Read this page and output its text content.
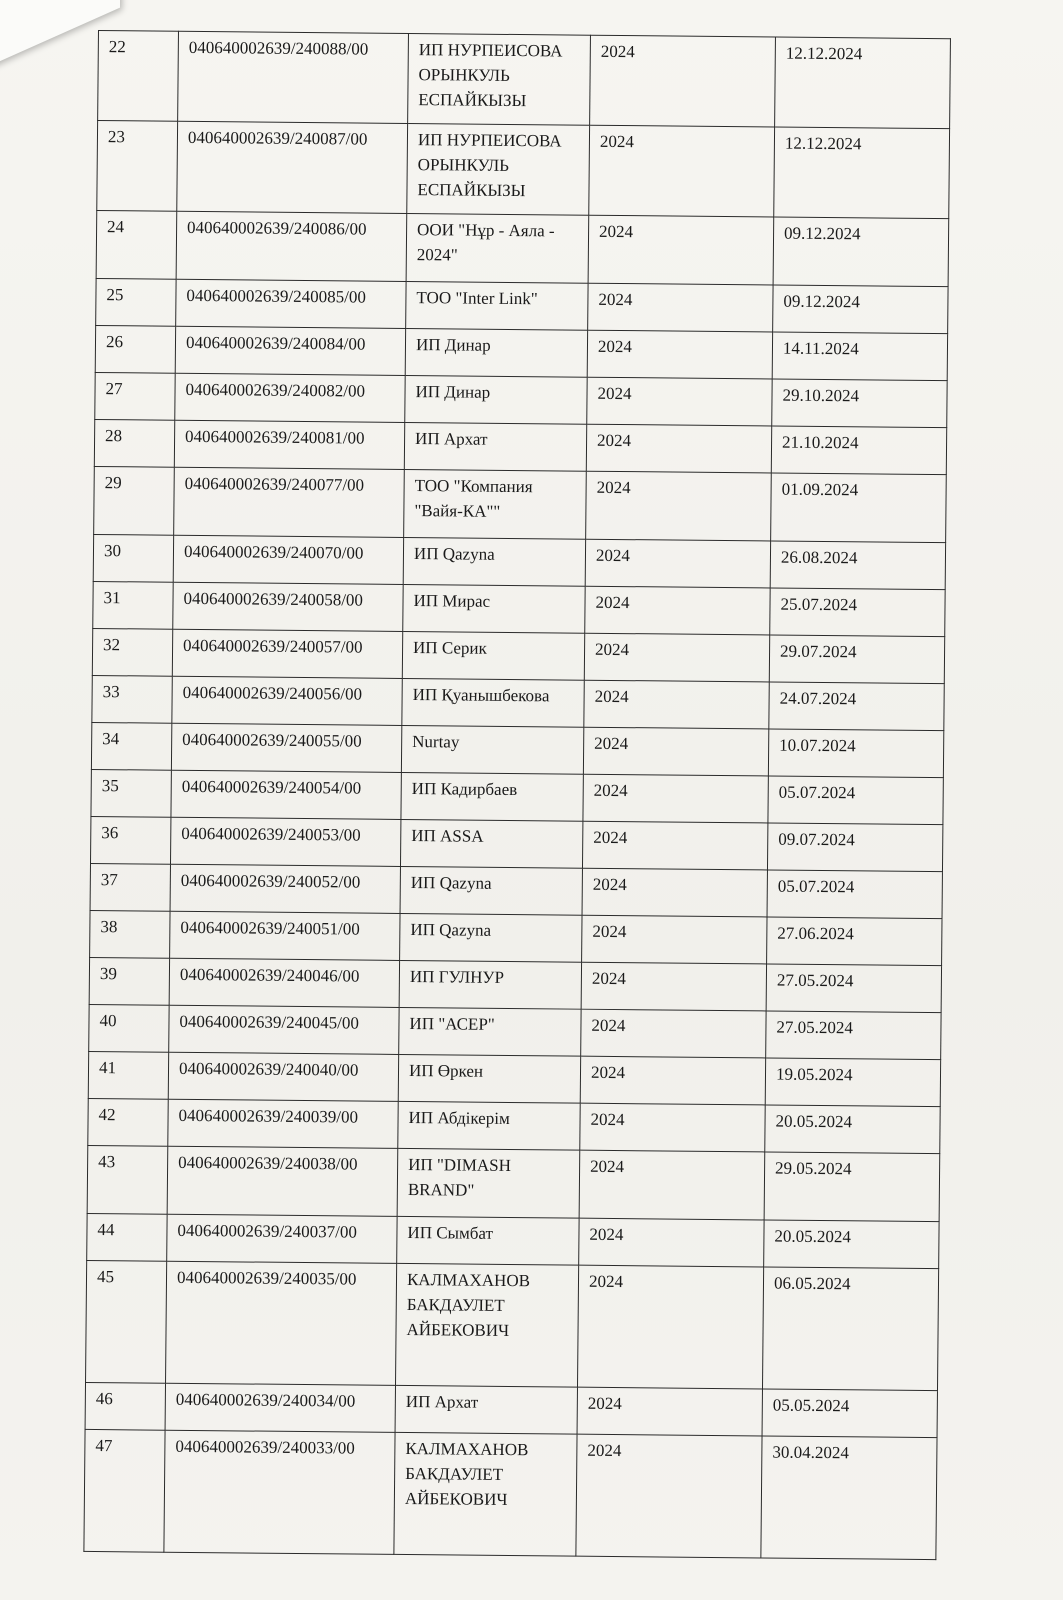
22	040640002639/240088/00	ИП НУРПЕИСОВА ОРЫНКУЛЬ ЕСПАЙКЫЗЫ	2024	12.12.2024
23	040640002639/240087/00	ИП НУРПЕИСОВА ОРЫНКУЛЬ ЕСПАЙКЫЗЫ	2024	12.12.2024
24	040640002639/240086/00	ООИ "Нұр - Аяла - 2024"	2024	09.12.2024
25	040640002639/240085/00	ТОО "Inter Link"	2024	09.12.2024
26	040640002639/240084/00	ИП Динар	2024	14.11.2024
27	040640002639/240082/00	ИП Динар	2024	29.10.2024
28	040640002639/240081/00	ИП Архат	2024	21.10.2024
29	040640002639/240077/00	ТОО "Компания "Вайя-КА""	2024	01.09.2024
30	040640002639/240070/00	ИП Qazyna	2024	26.08.2024
31	040640002639/240058/00	ИП Мирас	2024	25.07.2024
32	040640002639/240057/00	ИП Серик	2024	29.07.2024
33	040640002639/240056/00	ИП Қуанышбекова	2024	24.07.2024
34	040640002639/240055/00	Nurtay	2024	10.07.2024
35	040640002639/240054/00	ИП Кадирбаев	2024	05.07.2024
36	040640002639/240053/00	ИП ASSA	2024	09.07.2024
37	040640002639/240052/00	ИП Qazyna	2024	05.07.2024
38	040640002639/240051/00	ИП Qazyna	2024	27.06.2024
39	040640002639/240046/00	ИП ГУЛНУР	2024	27.05.2024
40	040640002639/240045/00	ИП "АСЕР"	2024	27.05.2024
41	040640002639/240040/00	ИП Өркен	2024	19.05.2024
42	040640002639/240039/00	ИП Абдікерім	2024	20.05.2024
43	040640002639/240038/00	ИП "DIMASH BRAND"	2024	29.05.2024
44	040640002639/240037/00	ИП Сымбат	2024	20.05.2024
45	040640002639/240035/00	КАЛМАХАНОВ БАКДАУЛЕТ АЙБЕКОВИЧ	2024	06.05.2024
46	040640002639/240034/00	ИП Архат	2024	05.05.2024
47	040640002639/240033/00	КАЛМАХАНОВ БАКДАУЛЕТ АЙБЕКОВИЧ	2024	30.04.2024
